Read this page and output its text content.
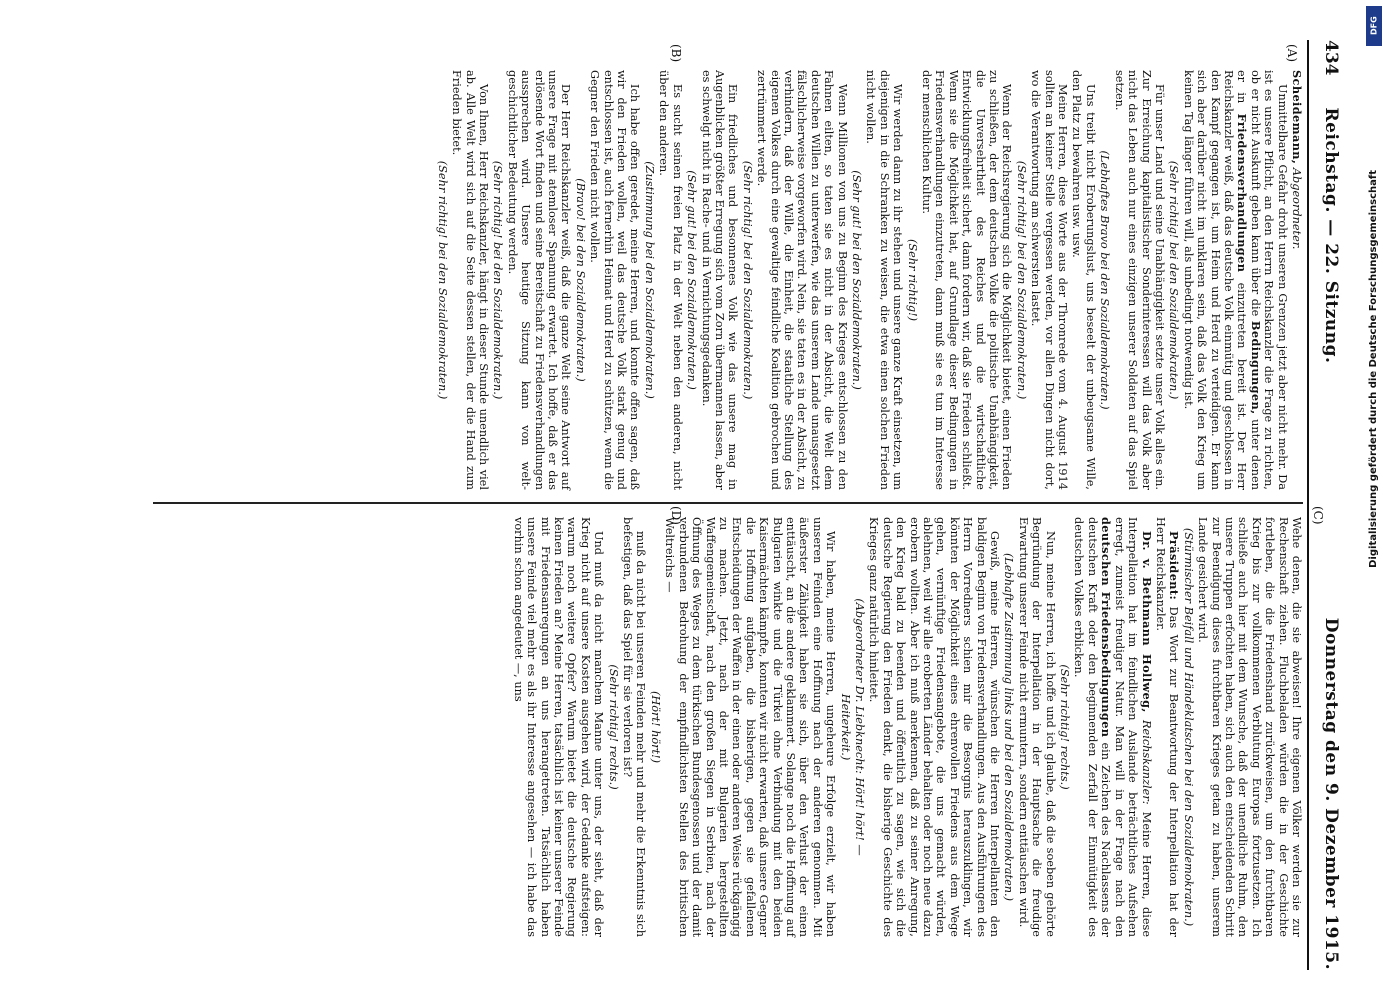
434
Reichstag. — 22. Sitzung.
Donnerstag den 9. Dezember 1915.
(A)
(B)
(C)
(D)

Scheidemann, Abgeordneter.

Unmittelbare Gefahr droht unseren Grenzen jetzt aber nicht mehr. Da ist es unsere Pflicht, an den Herrn Reichskanzler die Frage zu richten, ob er nicht Auskunft geben kann über die Bedingungen, unter denen er in Friedensverhandlungen einzutreten bereit ist. Der Herr Reichskanzler weiß, daß das deutsche Volk einmütig und geschlossen in den Kampf gegangen ist, um Heim und Herd zu verteidigen. Er kann sich aber darüber nicht im unklaren sein, daß das Volk den Krieg um keinen Tag länger führen will, als unbedingt notwendig ist.

(Sehr richtig! bei den Sozialdemokraten.)

Für unser Land und seine Unabhängigkeit setzte unser Volk alles ein. Zur Erreichung kapitalistischer Sonderinteressen will das Volk aber nicht das Leben auch nur eines einzigen unserer Soldaten auf das Spiel setzen.

(Lebhaftes Bravo bei den Sozialdemokraten.)

Uns treibt nicht Eroberungslust, uns beseelt der unbeugsame Wille, den Platz zu bewahren usw. usw.

Meine Herren, diese Worte aus der Thronrede vom 4. August 1914 sollten an keiner Stelle vergessen werden, vor allen Dingen nicht dort, wo die Verantwortung am schwersten lastet.

(Sehr richtig! bei den Sozialdemokraten.)

Wenn der Reichsregierung sich die Möglichkeit bietet, einen Frieden zu schließen, der dem deutschen Volke die politische Unabhängigkeit, die Unversehrtheit des Reiches und die wirtschaftliche Entwicklungsfreiheit sichert, dann fordern wir, daß sie Frieden schließt. Wenn sie die Möglichkeit hat, auf Grundlage dieser Bedingungen in Friedensverhandlungen einzutreten, dann muß sie es tun im Interesse der menschlichen Kultur.

(Sehr richtig!)

Wir werden dann zu ihr stehen und unsere ganze Kraft einsetzen, um diejenigen in die Schranken zu weisen, die etwa einen solchen Frieden nicht wollen.

(Sehr gut! bei den Sozialdemokraten.)

Wenn Millionen von uns zu Beginn des Krieges entschlossen zu den Fahnen eilten, so taten sie es nicht in der Absicht, die Welt dem deutschen Willen zu unterwerfen, wie das unserem Lande unausgesetzt fälschlicherweise vorgeworfen wird. Nein, sie taten es in der Absicht, zu verhindern, daß der Wille, die Einheit, die staatliche Stellung des eigenen Volkes durch eine gewaltige feindliche Koalition gebrochen und zertrümmert werde.

(Sehr richtig! bei den Sozialdemokraten.)

Ein friedliches und besonnenes Volk wie das unsere mag in Augenblicken größter Erregung sich vom Zorn übermannen lassen, aber es schwelgt nicht in Rache- und in Vernichtungsgedanken.

(Sehr gut! bei den Sozialdemokraten.)

Es sucht seinen freien Platz in der Welt neben den anderen, nicht über den anderen.

(Zustimmung bei den Sozialdemokraten.)

Ich habe offen geredet, meine Herren, und konnte offen sagen, daß wir den Frieden wollen, weil das deutsche Volk stark genug und entschlossen ist, auch fernerhin Heimat und Herd zu schützen, wenn die Gegner den Frieden nicht wollen.

(Bravo! bei den Sozialdemokraten.)

Der Herr Reichskanzler weiß, daß die ganze Welt seine Antwort auf unsere Frage mit atemloser Spannung erwartet. Ich hoffe, daß er das erlösende Wort finden und seine Bereitschaft zu Friedensverhandlungen aussprechen wird. Unsere heutige Sitzung kann von welt-geschichtlicher Bedeutung werden.

(Sehr richtig! bei den Sozialdemokraten.)

Von Ihnen, Herr Reichskanzler, hängt in dieser Stunde unendlich viel ab. Alle Welt wird sich auf die Seite dessen stellen, der die Hand zum Frieden bietet.

(Sehr richtig! bei den Sozialdemokraten.)

Wehe denen, die sie abweisen! Ihre eigenen Völker werden sie zur Rechenschaft ziehen. Fluchbeladen würden die in der Geschichte fortleben, die die Friedenshand zurückweisen, um den furchtbaren Krieg bis zur vollkommenen Verblutung Europas fortzusetzen. Ich schließe auch hier mit dem Wunsche, daß der unendliche Ruhm, den unsere Truppen erfochten haben, sich auch den entscheidenden Schritt zur Beendigung dieses furchtbaren Krieges getan zu haben, unserem Lande gesichert wird.

(Stürmischer Beifall und Händeklatschen bei den Sozialdemokraten.)

Präsident: Das Wort zur Beantwortung der Interpellation hat der Herr Reichskanzler.

Dr. v. Bethmann Hollweg, Reichskanzler: Meine Herren, diese Interpellation hat im feindlichen Auslande beträchtliches Aufsehen erregt, zumeist freudiger Natur. Man will in der Frage nach den deutschen Friedensbedingungen ein Zeichen des Nachlassens der deutschen Kraft oder den beginnenden Zerfall der Einmütigkeit des deutschen Volkes erblicken.

(Sehr richtig! rechts.)

Nun, meine Herren, ich hoffe und ich glaube, daß die soeben gehörte Begründung der Interpellation in der Hauptsache die freudige Erwartung unserer Feinde nicht ermuntern, sondern enttäuschen wird.

(Lebhafte Zustimmung links und bei den Sozialdemokraten.)

Gewiß, meine Herren, wünschen die Herren Interpellanten den baldigen Beginn von Friedensverhandlungen. Aus den Ausführungen des Herrn Vorredners schien mir die Besorgnis herauszuklingen, wir könnten der Möglichkeit eines ehrenvollen Friedens aus dem Wege gehen, vernünftige Friedensangebote, die uns gemacht würden, ablehnen, weil wir alle eroberten Länder behalten oder noch neue dazu erobern wollten. Aber ich muß anerkennen, daß zu seiner Anregung, den Krieg bald zu beenden und öffentlich zu sagen, wie sich die deutsche Regierung den Frieden denkt, die bisherige Geschichte des Krieges ganz natürlich hinleitet.

(Abgeordneter Dr. Liebknecht: Hört! hört! —

Heiterkeit.)

Wir haben, meine Herren, ungeheure Erfolge erzielt, wir haben unseren Feinden eine Hoffnung nach der anderen genommen. Mit äußerster Zähigkeit haben sie sich, über den Verlust der einen enttäuscht, an die andere geklammert. Solange noch die Hoffnung auf Bulgarien winkte und die Türkei ohne Verbindung mit den beiden Kaisermächten kämpfte, konnten wir nicht erwarten, daß unsere Gegner die Hoffnung aufgaben, die bisherigen, gegen sie gefallenen Entscheidungen der Waffen in der einen oder anderen Weise rückgängig zu machen. Jetzt, nach der mit Bulgarien hergestellten Waffengemeinschaft, nach den großen Siegen in Serbien, nach der Öffnung des Weges zu dem türkischen Bundesgenossen und der damit verbundenen Bedrohung der empfindlichsten Stellen des britischen Weltreichs —

(Hört! hört!)

muß da nicht bei unseren Feinden mehr und mehr die Erkenntnis sich befestigen, daß das Spiel für sie verloren ist?

(Sehr richtig! rechts.)

Und muß da nicht manchem Manne unter uns, der sieht, daß der Krieg nicht auf unsere Kosten ausgehen wird, der Gedanke aufsteigen: warum noch weitere Opfer? Warum bietet die deutsche Regierung keinen Frieden an? Meine Herren, tatsächlich ist keiner unserer Feinde mit Friedensanregungen an uns herangetreten. Tatsächlich haben unsere Feinde viel mehr es als ihr Interesse angesehen — ich habe das vorhin schon angedeutet —, uns

DFG
Digitalisierung gefördert durch die Deutsche Forschungsgemeinschaft
